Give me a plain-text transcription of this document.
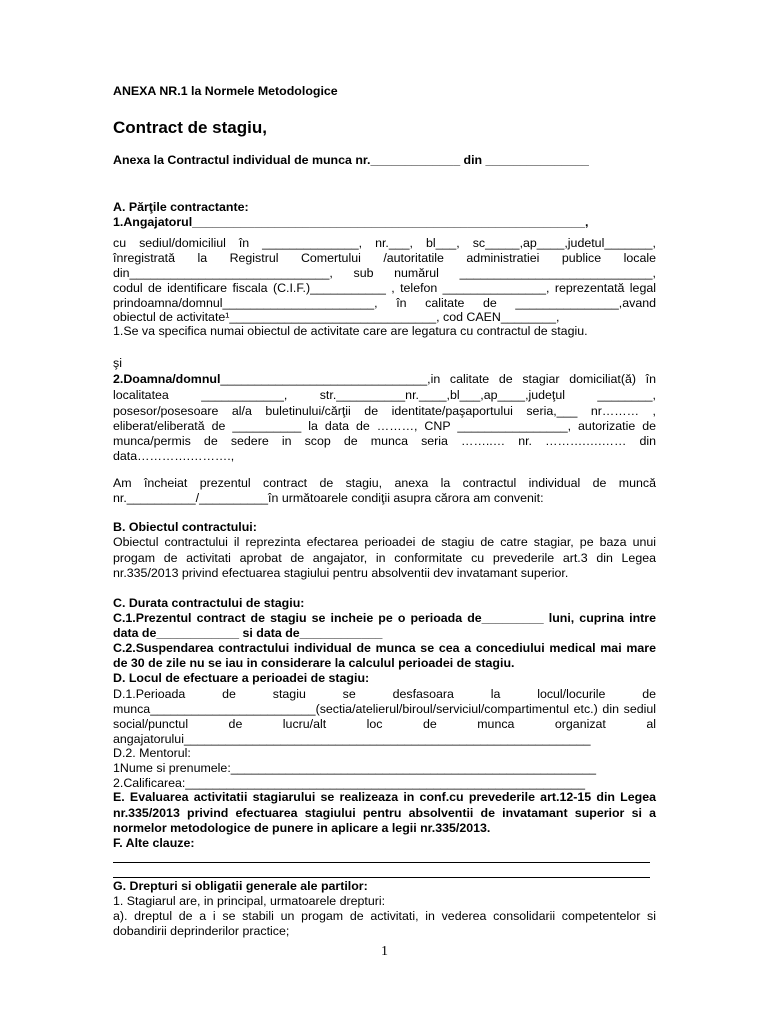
ANEXA NR.1 la Normele Metodologice
Contract de stagiu,
Anexa la Contractul individual de munca nr._____________ din _______________
A. Părţile contractante:
1.Angajatorul_________________________________________________________,
cu sediul/domiciliul în ______________, nr.___, bl___, sc_____,ap____,judetul_______,
înregistrată la Registrul Comertului /autoritatile administratiei publice locale
din_____________________________, sub numărul ____________________________,
codul de identificare fiscala (C.I.F.)___________ , telefon _______________, reprezentată legal
prindoamna/domnul______________________, în calitate de _______________,avand
obiectul de activitate¹______________________________, cod CAEN________,
1.Se va specifica numai obiectul de activitate care are legatura cu contractul de stagiu.
şi
2.Doamna/domnul______________________________,in calitate de stagiar domiciliat(ă) în
localitatea ____________, str.__________nr.____,bl___,ap____,judeţul ________,
posesor/posesoare al/a buletinului/cărţii de identitate/paşaportului seria,___ nr……… ,
eliberat/eliberată de __________ la data de ………, CNP ________________, autorizatie de
munca/permis de sedere in scop de munca seria ……..… nr. ……….….…… din
data………….……….,
Am încheiat prezentul contract de stagiu, anexa la contractul individual de muncă
nr.__________/__________în următoarele condiţii asupra cărora am convenit:
B. Obiectul contractului:
Obiectul contractului il reprezinta efectarea perioadei de stagiu de catre stagiar, pe baza unui
progam de activitati aprobat de angajator, in conformitate cu prevederile art.3 din Legea
nr.335/2013 privind efectuarea stagiului pentru absolventii dev invatamant superior.
C. Durata contractului de stagiu:
C.1.Prezentul contract de stagiu se incheie pe o perioada de_________ luni, cuprina intre
data de____________ si data de____________
C.2.Suspendarea contractului individual de munca se cea a concediului medical mai mare
de 30 de zile nu se iau in considerare la calculul perioadei de stagiu.
D. Locul de efectuare a perioadei de stagiu:
D.1.Perioada de stagiu se desfasoara la locul/locurile de
munca________________________(sectia/atelierul/biroul/serviciul/compartimentul etc.) din sediul
social/punctul de lucru/alt loc de munca organizat al
angajatorului___________________________________________________________
D.2. Mentorul:
1Nume si prenumele:_____________________________________________________
2.Calificarea:__________________________________________________________
E. Evaluarea activitatii stagiarului se realizeaza in conf.cu prevederile art.12-15 din Legea
nr.335/2013 privind efectuarea stagiului pentru absolventii de invatamant superior si a
normelor metodologice de punere in aplicare a legii nr.335/2013.
F. Alte clauze:
G. Drepturi si obligatii generale ale partilor:
1. Stagiarul are, in principal, urmatoarele drepturi:
a). dreptul de a i se stabili un progam de activitati, in vederea consolidarii competentelor si
dobandirii deprinderilor practice;
1
